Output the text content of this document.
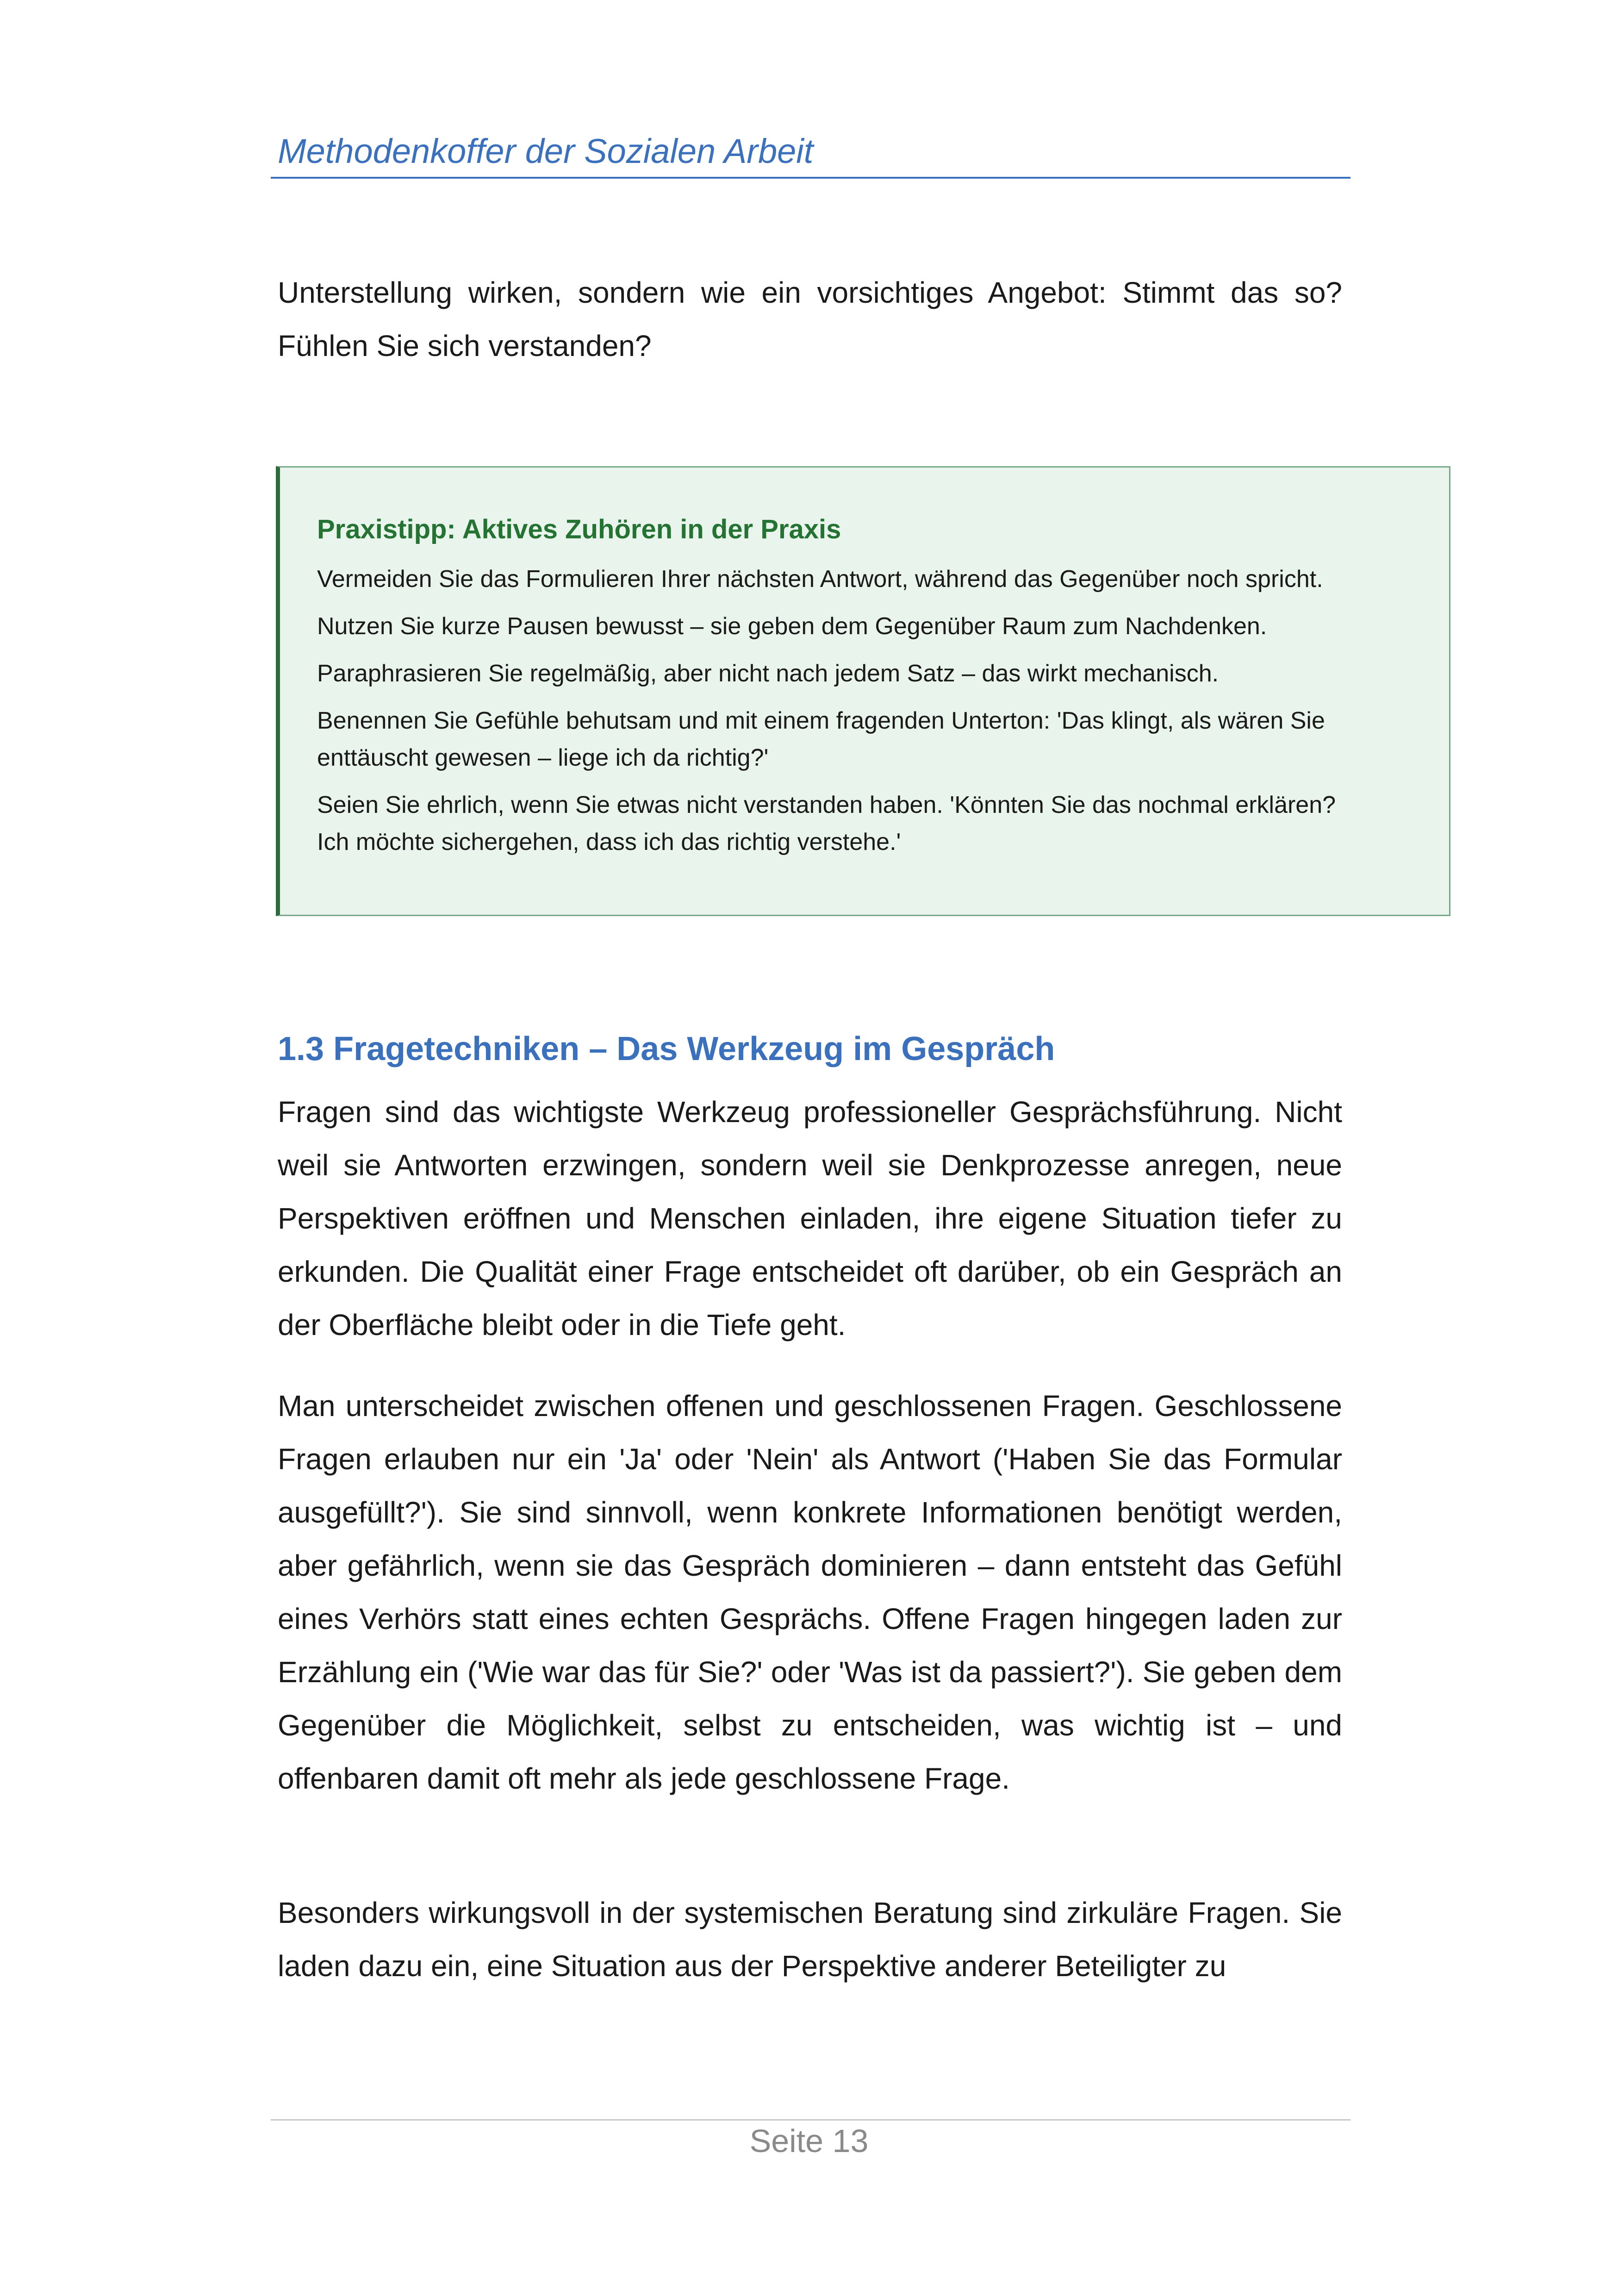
Methodenkoffer der Sozialen Arbeit

Unterstellung wirken, sondern wie ein vorsichtiges Angebot: Stimmt das so? Fühlen Sie sich verstanden?

Praxistipp: Aktives Zuhören in der Praxis
Vermeiden Sie das Formulieren Ihrer nächsten Antwort, während das Gegenüber noch spricht.
Nutzen Sie kurze Pausen bewusst – sie geben dem Gegenüber Raum zum Nachdenken.
Paraphrasieren Sie regelmäßig, aber nicht nach jedem Satz – das wirkt mechanisch.
Benennen Sie Gefühle behutsam und mit einem fragenden Unterton: 'Das klingt, als wären Sie
enttäuscht gewesen – liege ich da richtig?'
Seien Sie ehrlich, wenn Sie etwas nicht verstanden haben. 'Könnten Sie das nochmal erklären?
Ich möchte sichergehen, dass ich das richtig verstehe.'
1.3 Fragetechniken – Das Werkzeug im Gespräch

Fragen sind das wichtigste Werkzeug professioneller Gesprächsführung. Nicht weil sie Antworten erzwingen, sondern weil sie Denkprozesse anregen, neue Perspektiven eröffnen und Menschen einladen, ihre eigene Situation tiefer zu erkunden. Die Qualität einer Frage entscheidet oft darüber, ob ein Gespräch an der Oberfläche bleibt oder in die Tiefe geht.

Man unterscheidet zwischen offenen und geschlossenen Fragen. Geschlossene Fragen erlauben nur ein 'Ja' oder 'Nein' als Antwort ('Haben Sie das Formular ausgefüllt?'). Sie sind sinnvoll, wenn konkrete Informationen benötigt werden, aber gefährlich, wenn sie das Gespräch dominieren – dann entsteht das Gefühl eines Verhörs statt eines echten Gesprächs. Offene Fragen hingegen laden zur Erzählung ein ('Wie war das für Sie?' oder 'Was ist da passiert?'). Sie geben dem Gegenüber die Möglichkeit, selbst zu entscheiden, was wichtig ist – und offenbaren damit oft mehr als jede geschlossene Frage.

Besonders wirkungsvoll in der systemischen Beratung sind zirkuläre Fragen. Sie laden dazu ein, eine Situation aus der Perspektive anderer Beteiligter zu

Seite 13
